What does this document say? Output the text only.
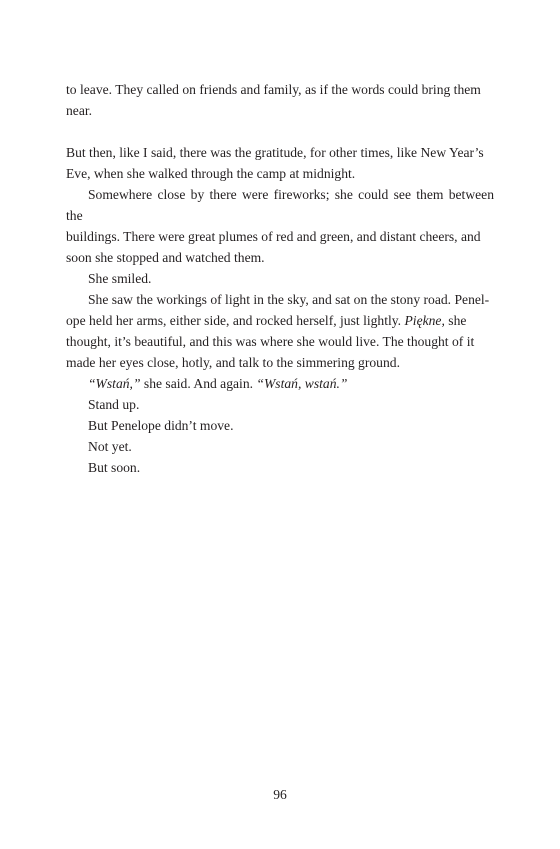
to leave. They called on friends and family, as if the words could bring them

near.

But then, like I said, there was the gratitude, for other times, like New Year’s

Eve, when she walked through the camp at midnight.

Somewhere close by there were fireworks; she could see them between the

buildings. There were great plumes of red and green, and distant cheers, and

soon she stopped and watched them.

She smiled.

She saw the workings of light in the sky, and sat on the stony road. Penel-

ope held her arms, either side, and rocked herself, just lightly. Piękne, she

thought, it’s beautiful, and this was where she would live. The thought of it

made her eyes close, hotly, and talk to the simmering ground.

“Wstań,” she said. And again. “Wstań, wstań.”

Stand up.

But Penelope didn’t move.

Not yet.

But soon.

96
